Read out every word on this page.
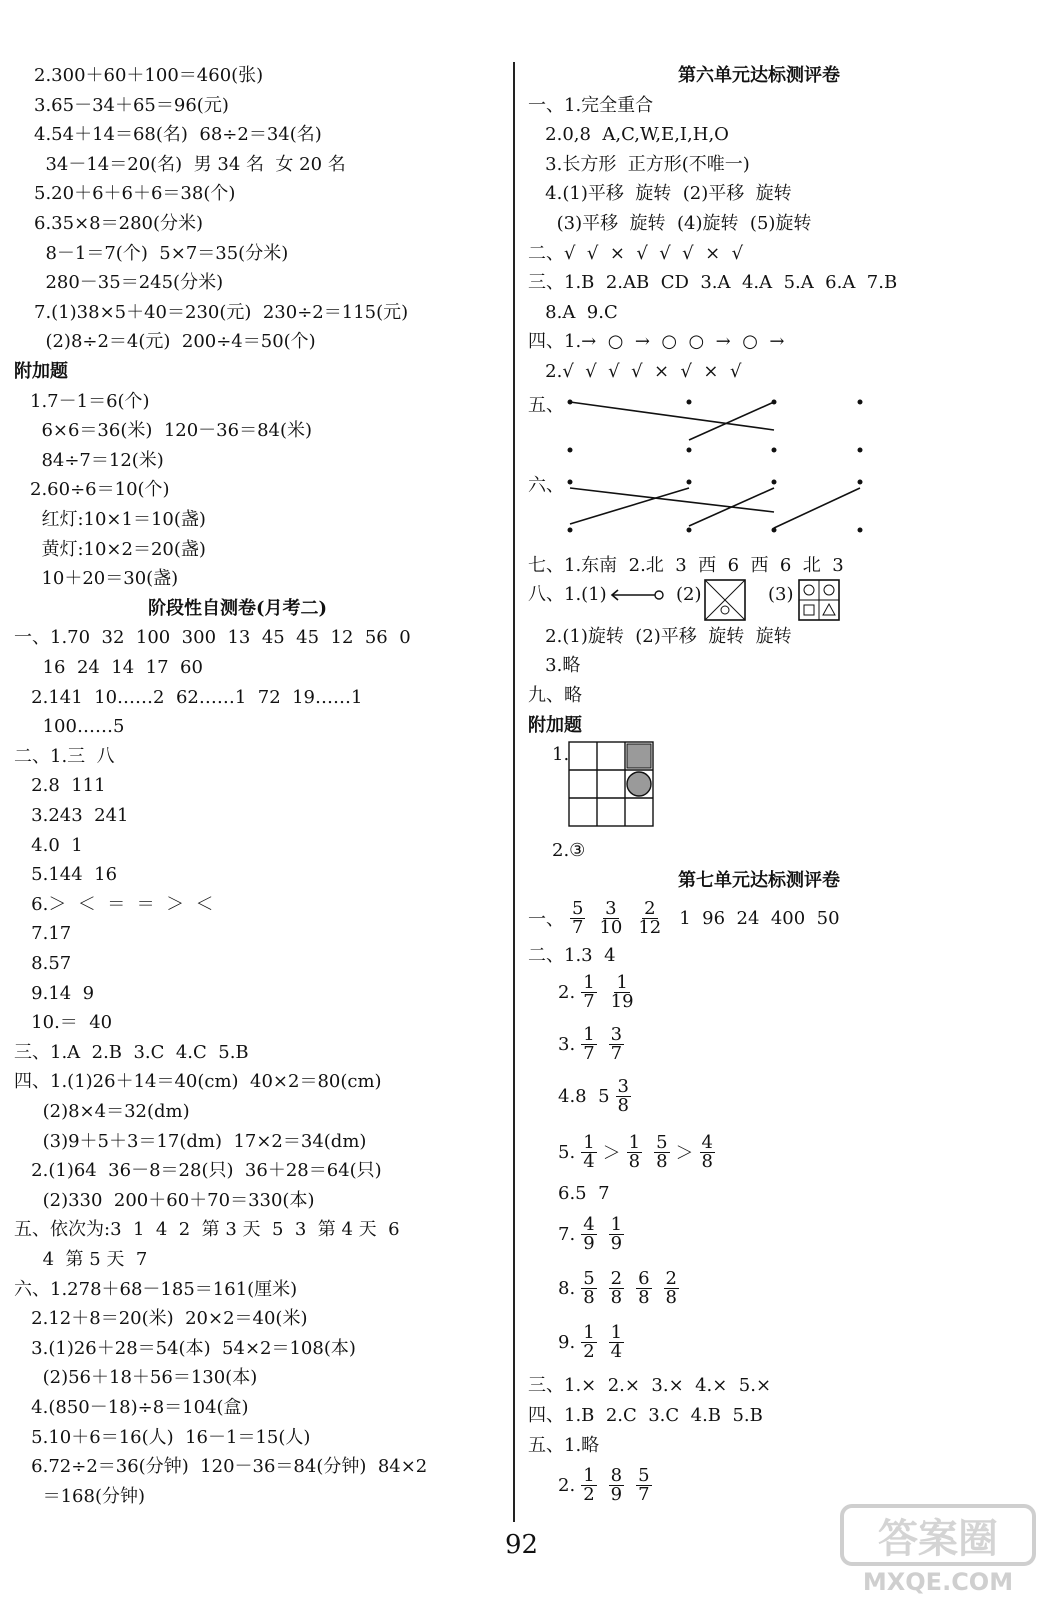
2.300＋60＋100＝460(张)
3.65－34＋65＝96(元)
4.54＋14＝68(名)  68÷2＝34(名)
34－14＝20(名)  男 34 名  女 20 名
5.20＋6＋6＋6＝38(个)
6.35×8＝280(分米)
8－1＝7(个)  5×7＝35(分米)
280－35＝245(分米)
7.(1)38×5＋40＝230(元)  230÷2＝115(元)
(2)8÷2＝4(元)  200÷4＝50(个)
附加题
1.7－1＝6(个)
6×6＝36(米)  120－36＝84(米)
84÷7＝12(米)
2.60÷6＝10(个)
红灯:10×1＝10(盏)
黄灯:10×2＝20(盏)
10＋20＝30(盏)
阶段性自测卷(月考二)
一、1.70  32  100  300  13  45  45  12  56  0
16  24  14  17  60
2.141  10……2  62……1  72  19……1
100……5
二、1.三  八
2.8  111
3.243  241
4.0  1
5.144  16
6.＞  ＜  ＝  ＝  ＞  ＜
7.17
8.57
9.14  9
10.＝  40
三、1.A  2.B  3.C  4.C  5.B
四、1.(1)26＋14＝40(cm)  40×2＝80(cm)
(2)8×4＝32(dm)
(3)9＋5＋3＝17(dm)  17×2＝34(dm)
2.(1)64  36－8＝28(只)  36＋28＝64(只)
(2)330  200＋60＋70＝330(本)
五、依次为:3  1  4  2  第 3 天  5  3  第 4 天  6
4  第 5 天  7
六、1.278＋68－185＝161(厘米)
2.12＋8＝20(米)  20×2＝40(米)
3.(1)26＋28＝54(本)  54×2＝108(本)
(2)56＋18＋56＝130(本)
4.(850－18)÷8＝104(盒)
5.10＋6＝16(人)  16－1＝15(人)
6.72÷2＝36(分钟)  120－36＝84(分钟)  84×2
＝168(分钟)
第六单元达标测评卷
一、1.完全重合
2.0,8  A,C,W,E,I,H,O
3.长方形  正方形(不唯一)
4.(1)平移  旋转  (2)平移  旋转
(3)平移  旋转  (4)旋转  (5)旋转
二、√  √  ×  √  √  √  ×  √
三、1.B  2.AB  CD  3.A  4.A  5.A  6.A  7.B
8.A  9.C
四、1.→  ○  →  ○  ○  →  ○  →
2.√  √  √  √  ×  √  ×  √
五、
六、
七、1.东南  2.北  3  西  6  西  6  北  3
八、1.(1)	(2)	(3)
2.(1)旋转  (2)平移  旋转  旋转
3.略
九、略
附加题
1.
2.③
第七单元达标测评卷
一、 $\frac{5}{7} \frac{3}{10} \frac{2}{12} 1$  96  24  400  50
二、1.3  4
2. $\frac{1}{7} \frac{1}{19}$
3. $\frac{1}{7} \frac{3}{7}$
4.8  $5 \frac{3}{8}$
5. $\frac{1}{4} > \frac{1}{8} \frac{5}{8} > \frac{4}{8}$
6.5  7
7. $\frac{4}{9} \frac{1}{9}$
8. $\frac{5}{8} \frac{2}{8} \frac{6}{8} \frac{2}{8}$
9. $\frac{1}{2} \frac{1}{4}$
三、1.×  2.×  3.×  4.×  5.×
四、1.B  2.C  3.C  4.B  5.B
五、1.略
2. $\frac{1}{2} \frac{8}{9} \frac{5}{7}$
92	答案圈
MXQE.COM
